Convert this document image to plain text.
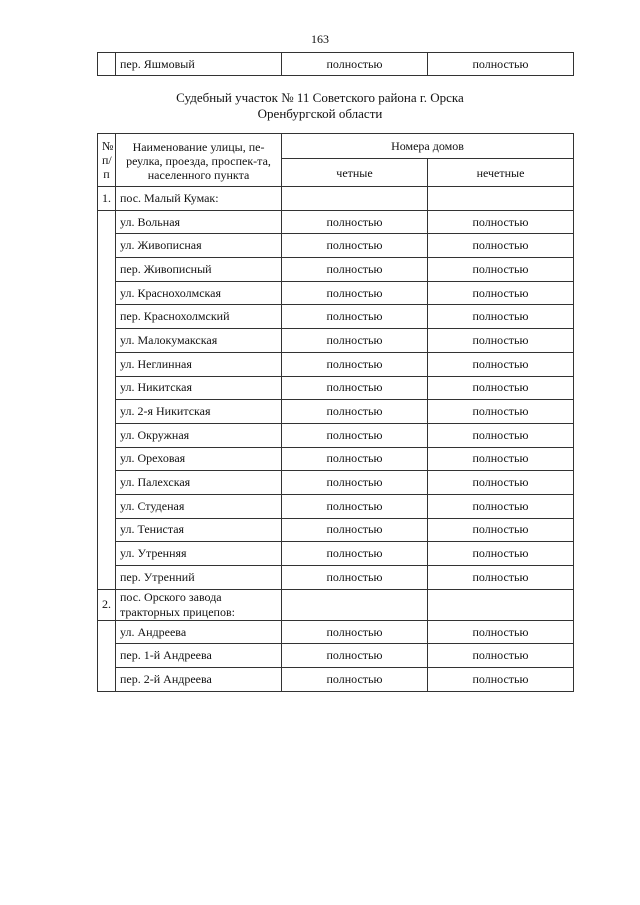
163
	пер. Яшмовый	полностью	полностью
Судебный участок № 11 Советского района г. Орска
Оренбургской области
№ п/п	Наименование улицы, пе-реулка, проезда, проспек-та, населенного пункта	Номера домов	
		четные	нечетные
1.	пос. Малый Кумак:		
	ул. Вольная	полностью	полностью
	ул. Живописная	полностью	полностью
	пер. Живописный	полностью	полностью
	ул. Краснохолмская	полностью	полностью
	пер. Краснохолмский	полностью	полностью
	ул. Малокумакская	полностью	полностью
	ул. Неглинная	полностью	полностью
	ул. Никитская	полностью	полностью
	ул. 2-я Никитская	полностью	полностью
	ул. Окружная	полностью	полностью
	ул. Ореховая	полностью	полностью
	ул. Палехская	полностью	полностью
	ул. Студеная	полностью	полностью
	ул. Тенистая	полностью	полностью
	ул. Утренняя	полностью	полностью
	пер. Утренний	полностью	полностью
2.	пос. Орского завода тракторных прицепов:		
	ул. Андреева	полностью	полностью
	пер. 1-й Андреева	полностью	полностью
	пер. 2-й Андреева	полностью	полностью
